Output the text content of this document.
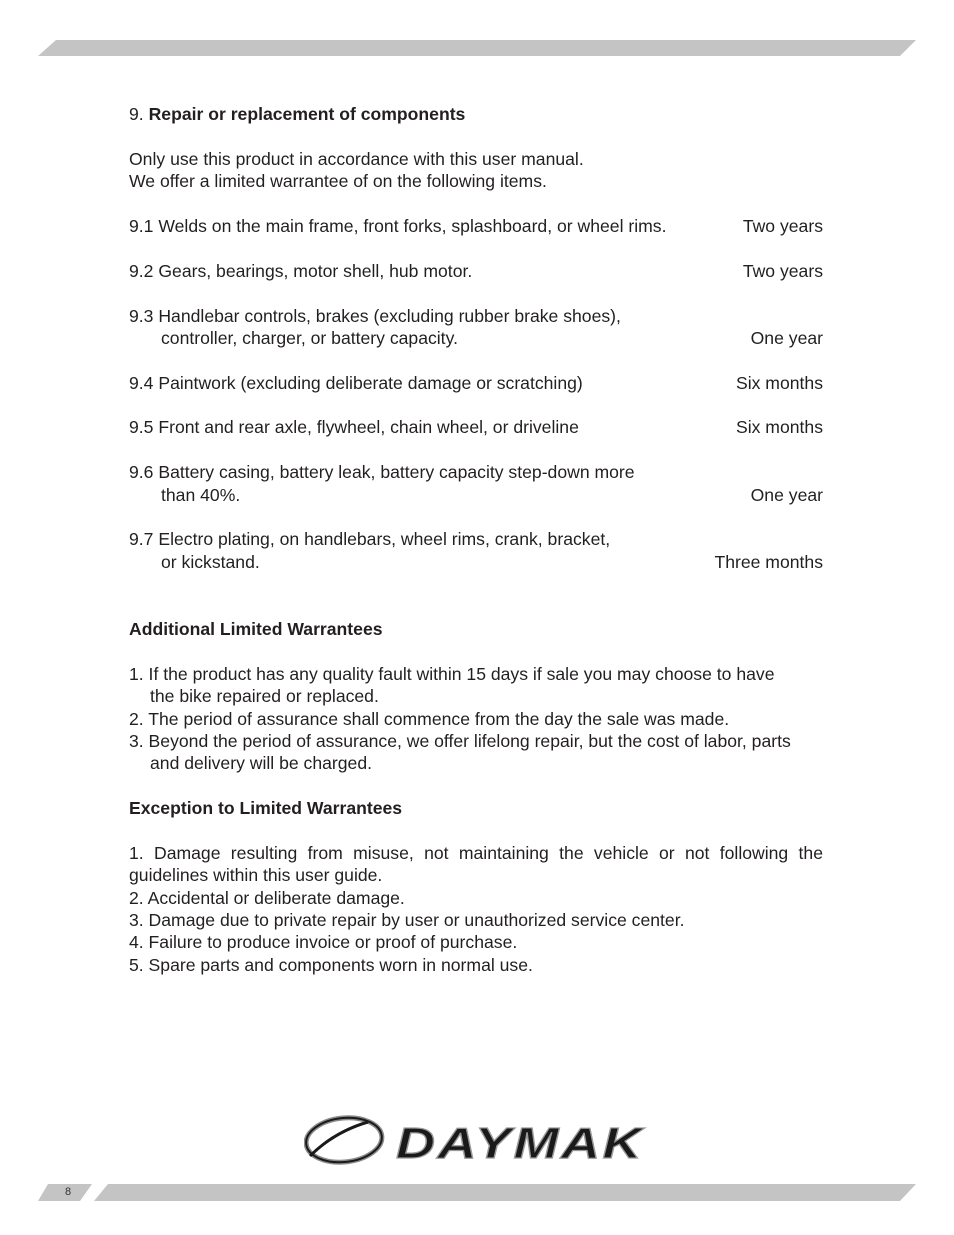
9. Repair or replacement of components
Only use this product in accordance with this user manual.
We offer a limited warrantee of on the following items.
9.1 Welds on the main frame, front forks, splashboard, or wheel rims.	Two years
9.2 Gears, bearings, motor shell, hub motor.	Two years
9.3 Handlebar controls, brakes (excluding rubber brake shoes),
controller, charger, or battery capacity.	One year
9.4 Paintwork (excluding deliberate damage or scratching)	Six months
9.5 Front and rear axle, flywheel, chain wheel, or driveline	Six months
9.6 Battery casing, battery leak, battery capacity step-down more
than 40%.	One year
9.7 Electro plating, on handlebars, wheel rims, crank, bracket,
or kickstand.	Three months
Additional Limited Warrantees
1. If the product has any quality fault within 15 days if sale you may choose to have
the bike repaired or replaced.
2. The period of assurance shall commence from the day the sale was made.
3. Beyond the period of assurance, we offer lifelong repair, but the cost of labor, parts
and delivery will be charged.
Exception to Limited Warrantees
1. Damage resulting from misuse, not maintaining the vehicle or not following the
guidelines within this user guide.
2. Accidental or deliberate damage.
3. Damage due to private repair by user or unauthorized service center.
4. Failure to produce invoice or proof of purchase.
5. Spare parts and components worn in normal use.
DAYMAK
8
